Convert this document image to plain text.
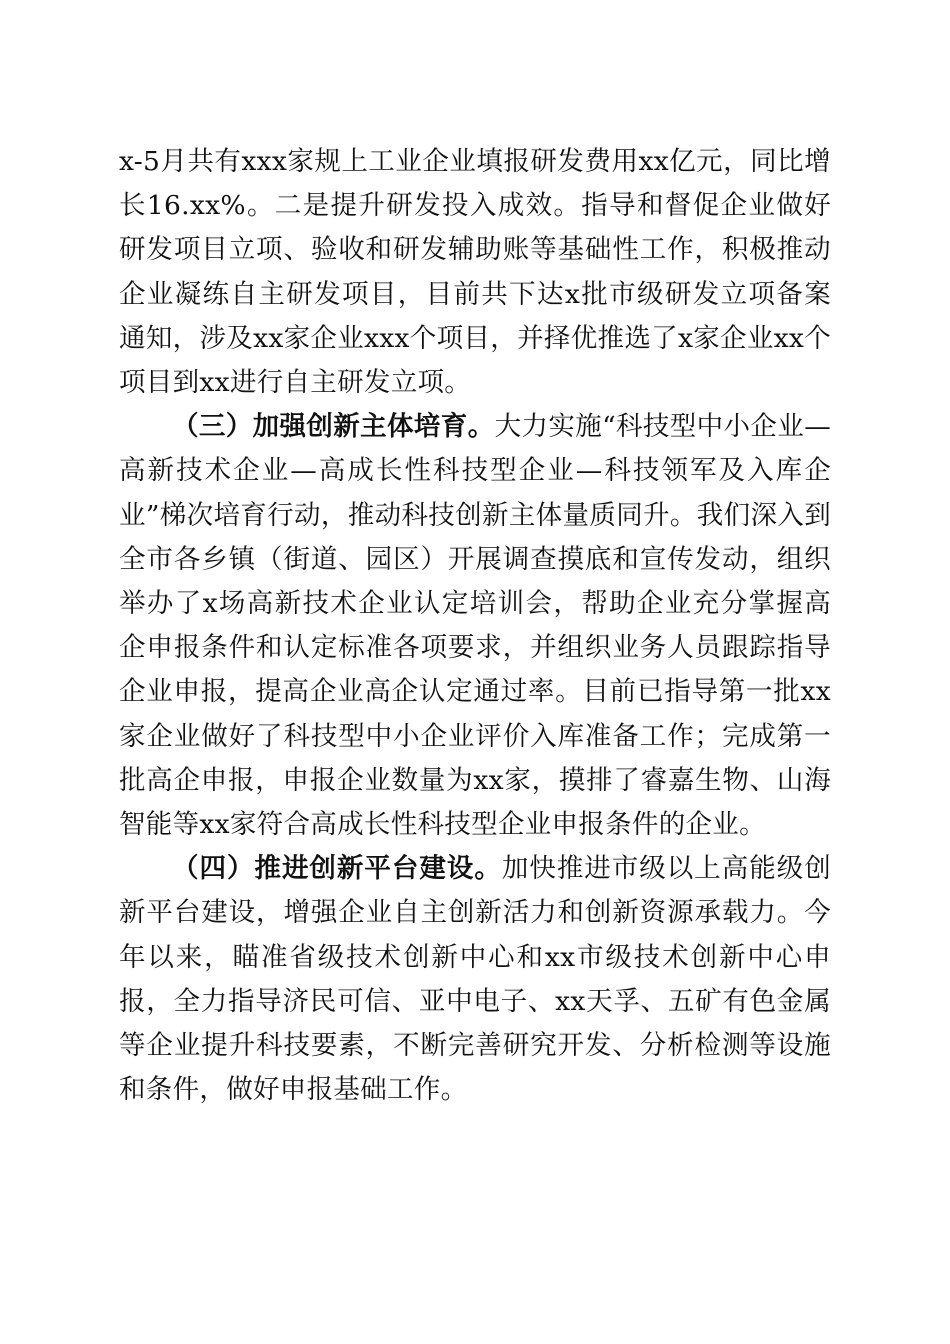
x-5月共有xxx家规上工业企业填报研发费用xx亿元，同比增长16.xx%。二是提升研发投入成效。指导和督促企业做好研发项目立项、验收和研发辅助账等基础性工作，积极推动企业凝练自主研发项目，目前共下达x批市级研发立项备案通知，涉及xx家企业xxx个项目，并择优推选了x家企业xx个项目到xx进行自主研发立项。

（三）加强创新主体培育。大力实施“科技型中小企业—高新技术企业—高成长性科技型企业—科技领军及入库企业”梯次培育行动，推动科技创新主体量质同升。我们深入到全市各乡镇（街道、园区）开展调查摸底和宣传发动，组织举办了x场高新技术企业认定培训会，帮助企业充分掌握高企申报条件和认定标准各项要求，并组织业务人员跟踪指导企业申报，提高企业高企认定通过率。目前已指导第一批xx家企业做好了科技型中小企业评价入库准备工作；完成第一批高企申报，申报企业数量为xx家，摸排了睿嘉生物、山海智能等xx家符合高成长性科技型企业申报条件的企业。

（四）推进创新平台建设。加快推进市级以上高能级创新平台建设，增强企业自主创新活力和创新资源承载力。今年以来，瞄准省级技术创新中心和xx市级技术创新中心申报，全力指导济民可信、亚中电子、xx天孚、五矿有色金属等企业提升科技要素，不断完善研究开发、分析检测等设施和条件，做好申报基础工作。
